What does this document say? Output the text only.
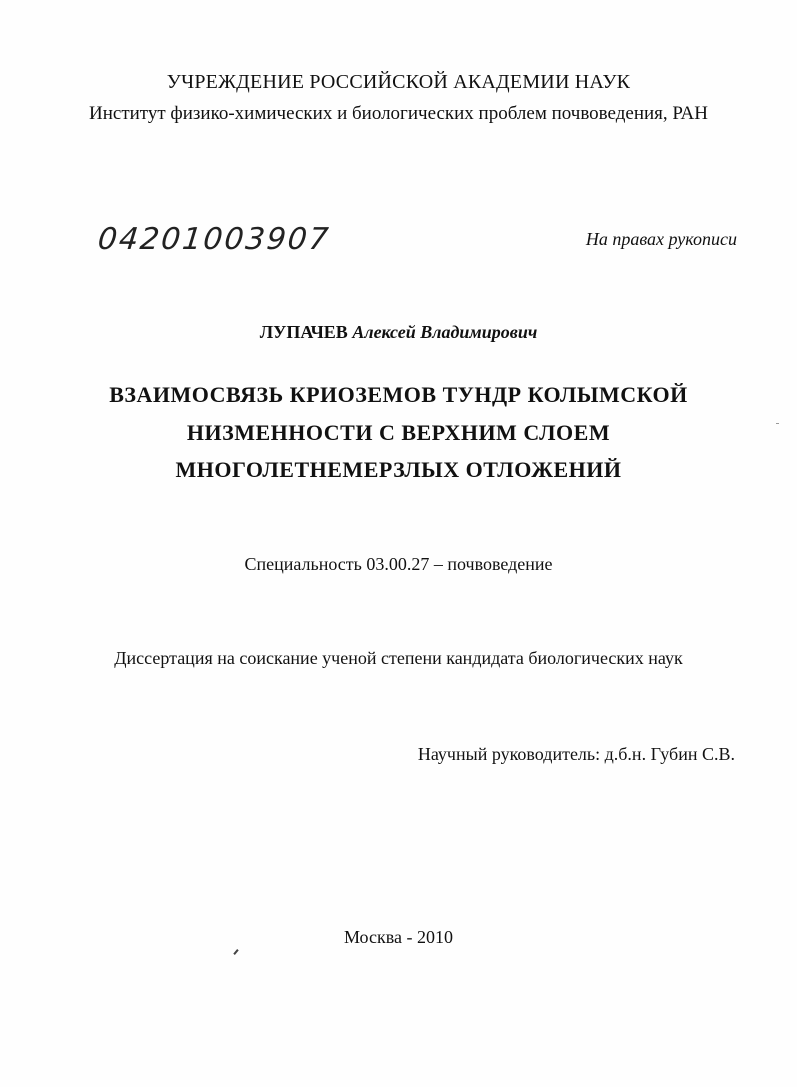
УЧРЕЖДЕНИЕ РОССИЙСКОЙ АКАДЕМИИ НАУК
Институт физико-химических и биологических проблем почвоведения, РАН
04201003907	На правах рукописи
ЛУПАЧЕВ Алексей Владимирович
ВЗАИМОСВЯЗЬ КРИОЗЕМОВ ТУНДР КОЛЫМСКОЙ
НИЗМЕННОСТИ С ВЕРХНИМ СЛОЕМ
МНОГОЛЕТНЕМЕРЗЛЫХ ОТЛОЖЕНИЙ
Специальность 03.00.27 – почвоведение
Диссертация на соискание ученой степени кандидата биологических наук
Научный руководитель: д.б.н. Губин С.В.
Москва - 2010
